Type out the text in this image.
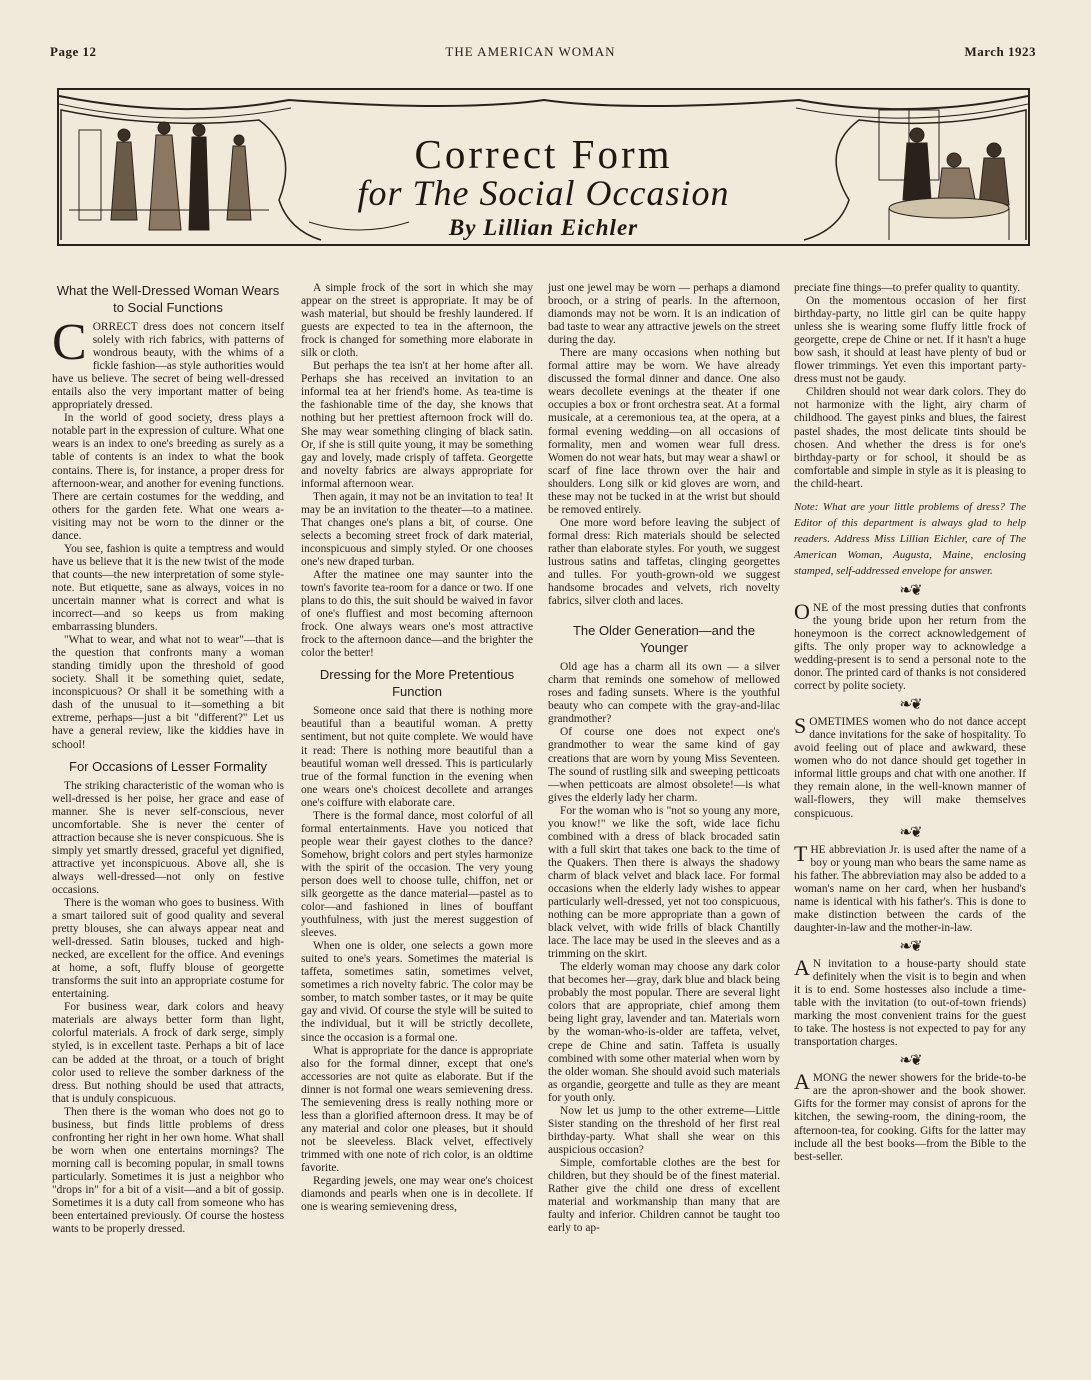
Page 12	THE AMERICAN WOMAN	March 1923
Correct Form
for The Social Occasion
By Lillian Eichler
What the Well-Dressed Woman Wears to Social Functions

CORRECT dress does not concern itself solely with rich fabrics, with patterns of wondrous beauty, with the whims of a fickle fashion—as style authorities would have us believe. The secret of being well-dressed entails also the very important matter of being appropriately dressed.

In the world of good society, dress plays a notable part in the expression of culture. What one wears is an index to one's breeding as surely as a table of contents is an index to what the book contains. There is, for instance, a proper dress for afternoon-wear, and another for evening functions. There are certain costumes for the wedding, and others for the garden fete. What one wears a-visiting may not be worn to the dinner or the dance.

You see, fashion is quite a temptress and would have us believe that it is the new twist of the mode that counts—the new interpretation of some style-note. But etiquette, sane as always, voices in no uncertain manner what is correct and what is incorrect—and so keeps us from making embarrassing blunders.

"What to wear, and what not to wear"—that is the question that confronts many a woman standing timidly upon the threshold of good society. Shall it be something quiet, sedate, inconspicuous? Or shall it be something with a dash of the unusual to it—something a bit extreme, perhaps—just a bit "different?" Let us have a general review, like the kiddies have in school!

For Occasions of Lesser Formality

The striking characteristic of the woman who is well-dressed is her poise, her grace and ease of manner. She is never self-conscious, never uncomfortable. She is never the center of attraction because she is never conspicuous. She is simply yet smartly dressed, graceful yet dignified, attractive yet inconspicuous. Above all, she is always well-dressed—not only on festive occasions.

There is the woman who goes to business. With a smart tailored suit of good quality and several pretty blouses, she can always appear neat and well-dressed. Satin blouses, tucked and high-necked, are excellent for the office. And evenings at home, a soft, fluffy blouse of georgette transforms the suit into an appropriate costume for entertaining.

For business wear, dark colors and heavy materials are always better form than light, colorful materials. A frock of dark serge, simply styled, is in excellent taste. Perhaps a bit of lace can be added at the throat, or a touch of bright color used to relieve the somber darkness of the dress. But nothing should be used that attracts, that is unduly conspicuous.

Then there is the woman who does not go to business, but finds little problems of dress confronting her right in her own home. What shall be worn when one entertains mornings? The morning call is becoming popular, in small towns particularly. Sometimes it is just a neighbor who "drops in" for a bit of a visit—and a bit of gossip. Sometimes it is a duty call from someone who has been entertained previously. Of course the hostess wants to be properly dressed.

A simple frock of the sort in which she may appear on the street is appropriate. It may be of wash material, but should be freshly laundered. If guests are expected to tea in the afternoon, the frock is changed for something more elaborate in silk or cloth.

But perhaps the tea isn't at her home after all. Perhaps she has received an invitation to an informal tea at her friend's home. As tea-time is the fashionable time of the day, she knows that nothing but her prettiest afternoon frock will do. She may wear something clinging of black satin. Or, if she is still quite young, it may be something gay and lovely, made crisply of taffeta. Georgette and novelty fabrics are always appropriate for informal afternoon wear.

Then again, it may not be an invitation to tea! It may be an invitation to the theater—to a matinee. That changes one's plans a bit, of course. One selects a becoming street frock of dark material, inconspicuous and simply styled. Or one chooses one's new draped turban.

After the matinee one may saunter into the town's favorite tea-room for a dance or two. If one plans to do this, the suit should be waived in favor of one's fluffiest and most becoming afternoon frock. One always wears one's most attractive frock to the afternoon dance—and the brighter the color the better!

Dressing for the More Pretentious Function

Someone once said that there is nothing more beautiful than a beautiful woman. A pretty sentiment, but not quite complete. We would have it read: There is nothing more beautiful than a beautiful woman well dressed. This is particularly true of the formal function in the evening when one wears one's choicest decollete and arranges one's coiffure with elaborate care.

There is the formal dance, most colorful of all formal entertainments. Have you noticed that people wear their gayest clothes to the dance? Somehow, bright colors and pert styles harmonize with the spirit of the occasion. The very young person does well to choose tulle, chiffon, net or silk georgette as the dance material—pastel as to color—and fashioned in lines of bouffant youthfulness, with just the merest suggestion of sleeves.

When one is older, one selects a gown more suited to one's years. Sometimes the material is taffeta, sometimes satin, sometimes velvet, sometimes a rich novelty fabric. The color may be somber, to match somber tastes, or it may be quite gay and vivid. Of course the style will be suited to the individual, but it will be strictly decollete, since the occasion is a formal one.

What is appropriate for the dance is appropriate also for the formal dinner, except that one's accessories are not quite as elaborate. But if the dinner is not formal one wears semievening dress. The semievening dress is really nothing more or less than a glorified afternoon dress. It may be of any material and color one pleases, but it should not be sleeveless. Black velvet, effectively trimmed with one note of rich color, is an oldtime favorite.

Regarding jewels, one may wear one's choicest diamonds and pearls when one is in decollete. If one is wearing semievening dress,

just one jewel may be worn — perhaps a diamond brooch, or a string of pearls. In the afternoon, diamonds may not be worn. It is an indication of bad taste to wear any attractive jewels on the street during the day.

There are many occasions when nothing but formal attire may be worn. We have already discussed the formal dinner and dance. One also wears decollete evenings at the theater if one occupies a box or front orchestra seat. At a formal musicale, at a ceremonious tea, at the opera, at a formal evening wedding—on all occasions of formality, men and women wear full dress. Women do not wear hats, but may wear a shawl or scarf of fine lace thrown over the hair and shoulders. Long silk or kid gloves are worn, and these may not be tucked in at the wrist but should be removed entirely.

One more word before leaving the subject of formal dress: Rich materials should be selected rather than elaborate styles. For youth, we suggest lustrous satins and taffetas, clinging georgettes and tulles. For youth-grown-old we suggest handsome brocades and velvets, rich novelty fabrics, silver cloth and laces.

The Older Generation—and the Younger

Old age has a charm all its own — a silver charm that reminds one somehow of mellowed roses and fading sunsets. Where is the youthful beauty who can compete with the gray-and-lilac grandmother?

Of course one does not expect one's grandmother to wear the same kind of gay creations that are worn by young Miss Seventeen. The sound of rustling silk and sweeping petticoats—when petticoats are almost obsolete!—is what gives the elderly lady her charm.

For the woman who is "not so young any more, you know!" we like the soft, wide lace fichu combined with a dress of black brocaded satin with a full skirt that takes one back to the time of the Quakers. Then there is always the shadowy charm of black velvet and black lace. For formal occasions when the elderly lady wishes to appear particularly well-dressed, yet not too conspicuous, nothing can be more appropriate than a gown of black velvet, with wide frills of black Chantilly lace. The lace may be used in the sleeves and as a trimming on the skirt.

The elderly woman may choose any dark color that becomes her—gray, dark blue and black being probably the most popular. There are several light colors that are appropriate, chief among them being light gray, lavender and tan. Materials worn by the woman-who-is-older are taffeta, velvet, crepe de Chine and satin. Taffeta is usually combined with some other material when worn by the older woman. She should avoid such materials as organdie, georgette and tulle as they are meant for youth only.

Now let us jump to the other extreme—Little Sister standing on the threshold of her first real birthday-party. What shall she wear on this auspicious occasion?

Simple, comfortable clothes are the best for children, but they should be of the finest material. Rather give the child one dress of excellent material and workmanship than many that are faulty and inferior. Children cannot be taught too early to ap-

preciate fine things—to prefer quality to quantity.

On the momentous occasion of her first birthday-party, no little girl can be quite happy unless she is wearing some fluffy little frock of georgette, crepe de Chine or net. If it hasn't a huge bow sash, it should at least have plenty of bud or flower trimmings. Yet even this important party-dress must not be gaudy.

Children should not wear dark colors. They do not harmonize with the light, airy charm of childhood. The gayest pinks and blues, the fairest pastel shades, the most delicate tints should be chosen. And whether the dress is for one's birthday-party or for school, it should be as comfortable and simple in style as it is pleasing to the child-heart.

Note: What are your little problems of dress? The Editor of this department is always glad to help readers. Address Miss Lillian Eichler, care of The American Woman, Augusta, Maine, enclosing stamped, self-addressed envelope for answer.

❧❦

ONE of the most pressing duties that confronts the young bride upon her return from the honeymoon is the correct acknowledgement of gifts. The only proper way to acknowledge a wedding-present is to send a personal note to the donor. The printed card of thanks is not considered correct by polite society.

❧❦

SOMETIMES women who do not dance accept dance invitations for the sake of hospitality. To avoid feeling out of place and awkward, these women who do not dance should get together in informal little groups and chat with one another. If they remain alone, in the well-known manner of wall-flowers, they will make themselves conspicuous.

❧❦

THE abbreviation Jr. is used after the name of a boy or young man who bears the same name as his father. The abbreviation may also be added to a woman's name on her card, when her husband's name is identical with his father's. This is done to make distinction between the cards of the daughter-in-law and the mother-in-law.

❧❦

A N invitation to a house-party should state definitely when the visit is to begin and when it is to end. Some hostesses also include a time-table with the invitation (to out-of-town friends) marking the most convenient trains for the guest to take. The hostess is not expected to pay for any transportation charges.

❧❦

AMONG the newer showers for the bride-to-be are the apron-shower and the book shower. Gifts for the former may consist of aprons for the kitchen, the sewing-room, the dining-room, the afternoon-tea, for cooking. Gifts for the latter may include all the best books—from the Bible to the best-seller.
